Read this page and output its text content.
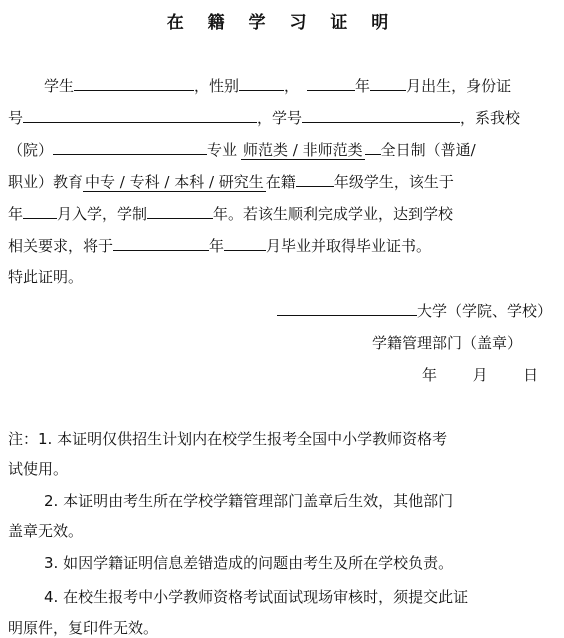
在 籍 学 习 证 明
学生	，性别	，	年 月出生，身份证
号	，学号	，系我校
（院）	专业 师范类 / 非师范类 全日制（普通/
职业）教育 中专 / 专科 / 本科 / 研究生 在籍	年级学生，该生于
年 月入学，学制	年。若该生顺利完成学业，达到学校
相关要求，将于	年	月毕业并取得毕业证书。
特此证明。
大学（学院、学校）
学籍管理部门（盖章）
年 月 日
注：1. 本证明仅供招生计划内在校学生报考全国中小学教师资格考
试使用。
2. 本证明由考生所在学校学籍管理部门盖章后生效，其他部门
盖章无效。
3. 如因学籍证明信息差错造成的问题由考生及所在学校负责。
4. 在校生报考中小学教师资格考试面试现场审核时，须提交此证
明原件，复印件无效。
